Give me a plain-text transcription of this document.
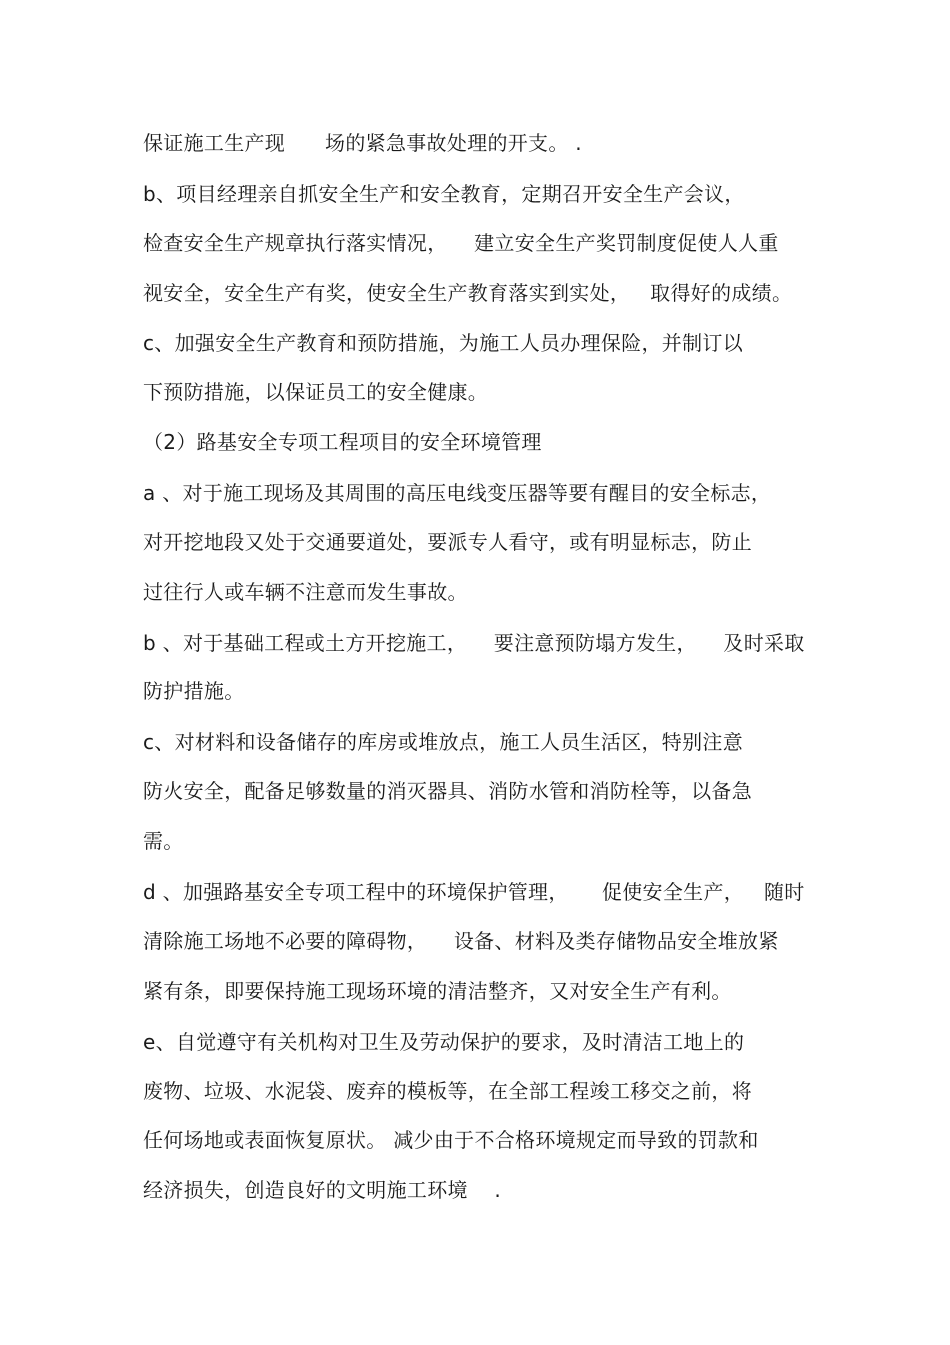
保证施工生产现      场的紧急事故处理的开支。 .
b、项目经理亲自抓安全生产和安全教育，定期召开安全生产会议，
检查安全生产规章执行落实情况，    建立安全生产奖罚制度促使人人重
视安全，安全生产有奖，使安全生产教育落实到实处，   取得好的成绩。
c、加强安全生产教育和预防措施，为施工人员办理保险，并制订以
下预防措施，以保证员工的安全健康。
（2）路基安全专项工程项目的安全环境管理
a 、对于施工现场及其周围的高压电线变压器等要有醒目的安全标志，
对开挖地段又处于交通要道处，要派专人看守，或有明显标志，防止
过往行人或车辆不注意而发生事故。
b 、对于基础工程或土方开挖施工，    要注意预防塌方发生，    及时采取
防护措施。
c、对材料和设备储存的库房或堆放点，施工人员生活区，特别注意
防火安全，配备足够数量的消灭器具、消防水管和消防栓等，以备急
需。
d 、加强路基安全专项工程中的环境保护管理，     促使安全生产，   随时
清除施工场地不必要的障碍物，    设备、材料及类存储物品安全堆放紧
紧有条，即要保持施工现场环境的清洁整齐，又对安全生产有利。
e、自觉遵守有关机构对卫生及劳动保护的要求，及时清洁工地上的
废物、垃圾、水泥袋、废弃的模板等，在全部工程竣工移交之前，将
任何场地或表面恢复原状。 减少由于不合格环境规定而导致的罚款和
经济损失，创造良好的文明施工环境    .
